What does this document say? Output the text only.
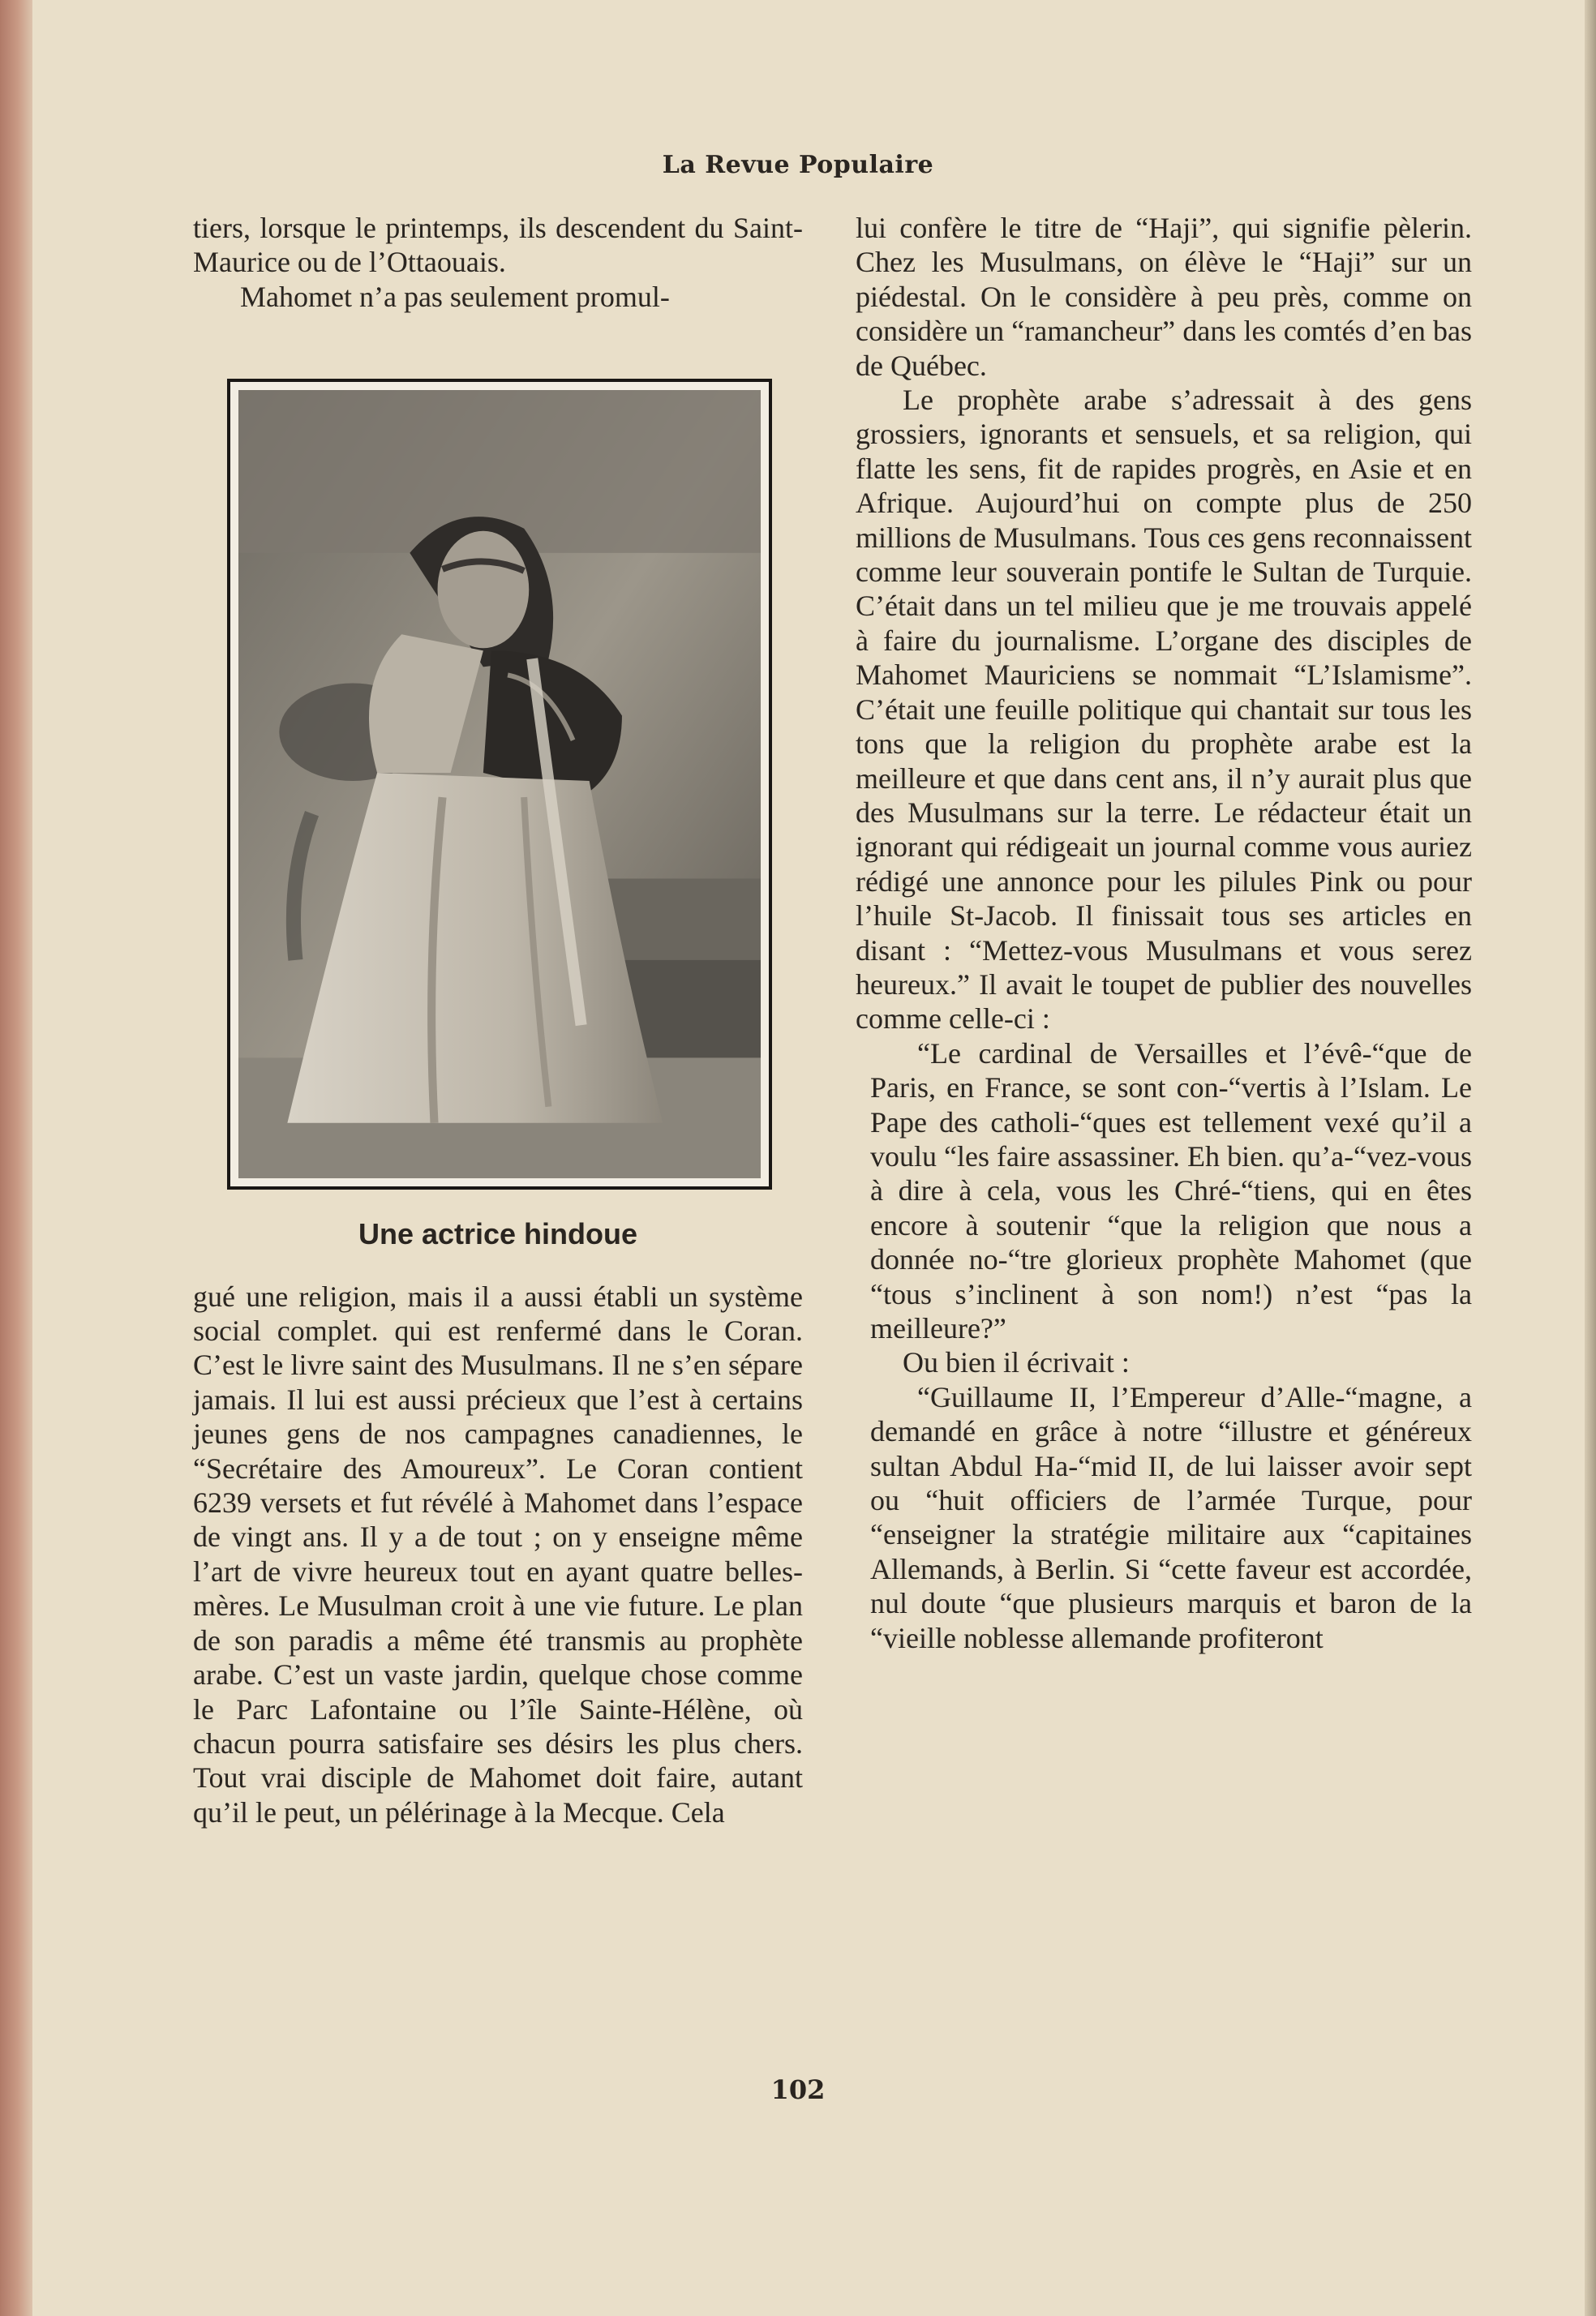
La Revue Populaire

tiers, lorsque le printemps, ils descendent du Saint-Maurice ou de l’Ottaouais.

Mahomet n’a pas seulement promul-

Une actrice hindoue

gué une religion, mais il a aussi établi un système social complet. qui est renfermé dans le Coran. C’est le livre saint des Musulmans. Il ne s’en sépare jamais. Il lui est aussi précieux que l’est à certains jeunes gens de nos campagnes canadiennes, le “Secrétaire des Amoureux”. Le Coran contient 6239 versets et fut révélé à Mahomet dans l’espace de vingt ans. Il y a de tout ; on y enseigne même l’art de vivre heureux tout en ayant quatre belles-mères. Le Musulman croit à une vie future. Le plan de son paradis a même été transmis au prophète arabe. C’est un vaste jardin, quelque chose comme le Parc Lafontaine ou l’île Sainte-Hélène, où chacun pourra satisfaire ses désirs les plus chers. Tout vrai disciple de Mahomet doit faire, autant qu’il le peut, un pélérinage à la Mecque. Cela

lui confère le titre de “Haji”, qui signifie pèlerin. Chez les Musulmans, on élève le “Haji” sur un piédestal. On le considère à peu près, comme on considère un “ramancheur” dans les comtés d’en bas de Québec.

Le prophète arabe s’adressait à des gens grossiers, ignorants et sensuels, et sa religion, qui flatte les sens, fit de rapides progrès, en Asie et en Afrique. Aujourd’hui on compte plus de 250 millions de Musulmans. Tous ces gens reconnaissent comme leur souverain pontife le Sultan de Turquie. C’était dans un tel milieu que je me trouvais appelé à faire du journalisme. L’organe des disciples de Mahomet Mauriciens se nommait “L’Islamisme”. C’était une feuille politique qui chantait sur tous les tons que la religion du prophète arabe est la meilleure et que dans cent ans, il n’y aurait plus que des Musulmans sur la terre. Le rédacteur était un ignorant qui rédigeait un journal comme vous auriez rédigé une annonce pour les pilules Pink ou pour l’huile St-Jacob. Il finissait tous ses articles en disant : “Mettez-vous Musulmans et vous serez heureux.” Il avait le toupet de publier des nouvelles comme celle-ci :

“Le cardinal de Versailles et l’évê-“que de Paris, en France, se sont con-“vertis à l’Islam. Le Pape des catholi-“ques est tellement vexé qu’il a voulu “les faire assassiner. Eh bien. qu’a-“vez-vous à dire à cela, vous les Chré-“tiens, qui en êtes encore à soutenir “que la religion que nous a donnée no-“tre glorieux prophète Mahomet (que “tous s’inclinent à son nom!) n’est “pas la meilleure?”

Ou bien il écrivait :

“Guillaume II, l’Empereur d’Alle-“magne, a demandé en grâce à notre “illustre et généreux sultan Abdul Ha-“mid II, de lui laisser avoir sept ou “huit officiers de l’armée Turque, pour “enseigner la stratégie militaire aux “capitaines Allemands, à Berlin. Si “cette faveur est accordée, nul doute “que plusieurs marquis et baron de la “vieille noblesse allemande profiteront

102
